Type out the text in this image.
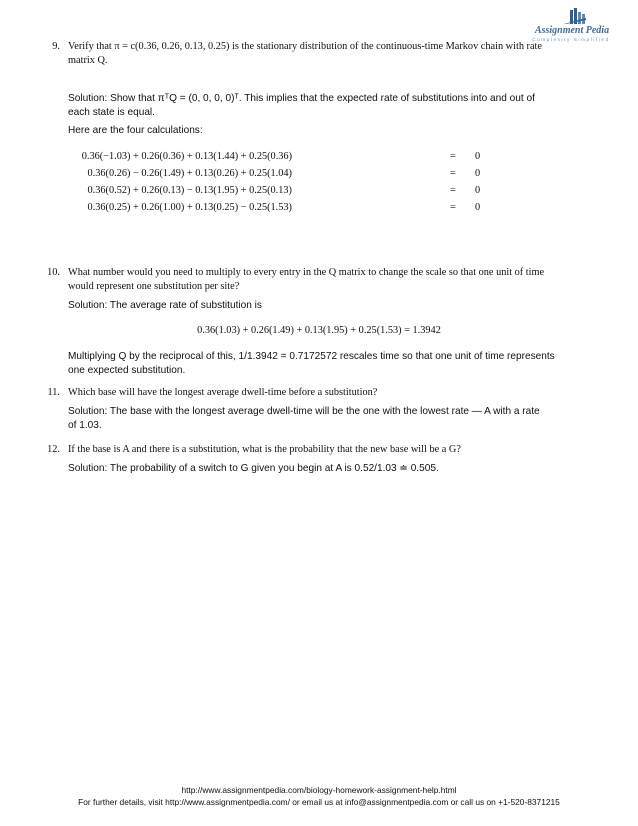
Assignment Pedia
Complexity Simplified
9. Verify that π = c(0.36, 0.26, 0.13, 0.25) is the stationary distribution of the continuous-time Markov chain with rate
matrix Q.
Solution: Show that πᵀQ = (0, 0, 0, 0)ᵀ. This implies that the expected rate of substitutions into and out of
each state is equal.
Here are the four calculations:
0.36(−1.03) + 0.26(0.36) + 0.13(1.44) + 0.25(0.36)	= 0
0.36(0.26) − 0.26(1.49) + 0.13(0.26) + 0.25(1.04)	= 0
0.36(0.52) + 0.26(0.13) − 0.13(1.95) + 0.25(0.13)	= 0
0.36(0.25) + 0.26(1.00) + 0.13(0.25) − 0.25(1.53)	= 0
10. What number would you need to multiply to every entry in the Q matrix to change the scale so that one unit of time
would represent one substitution per site?
Solution: The average rate of substitution is
0.36(1.03) + 0.26(1.49) + 0.13(1.95) + 0.25(1.53) = 1.3942
Multiplying Q by the reciprocal of this, 1/1.3942 = 0.7172572 rescales time so that one unit of time represents
one expected substitution.
11. Which base will have the longest average dwell-time before a substitution?
Solution: The base with the longest average dwell-time will be the one with the lowest rate — A with a rate
of 1.03.
12. If the base is A and there is a substitution, what is the probability that the new base will be a G?
Solution: The probability of a switch to G given you begin at A is 0.52/1.03 ≐ 0.505.
http://www.assignmentpedia.com/biology-homework-assignment-help.html
For further details, visit http://www.assignmentpedia.com/ or email us at info@assignmentpedia.com or call us on +1-520-8371215
